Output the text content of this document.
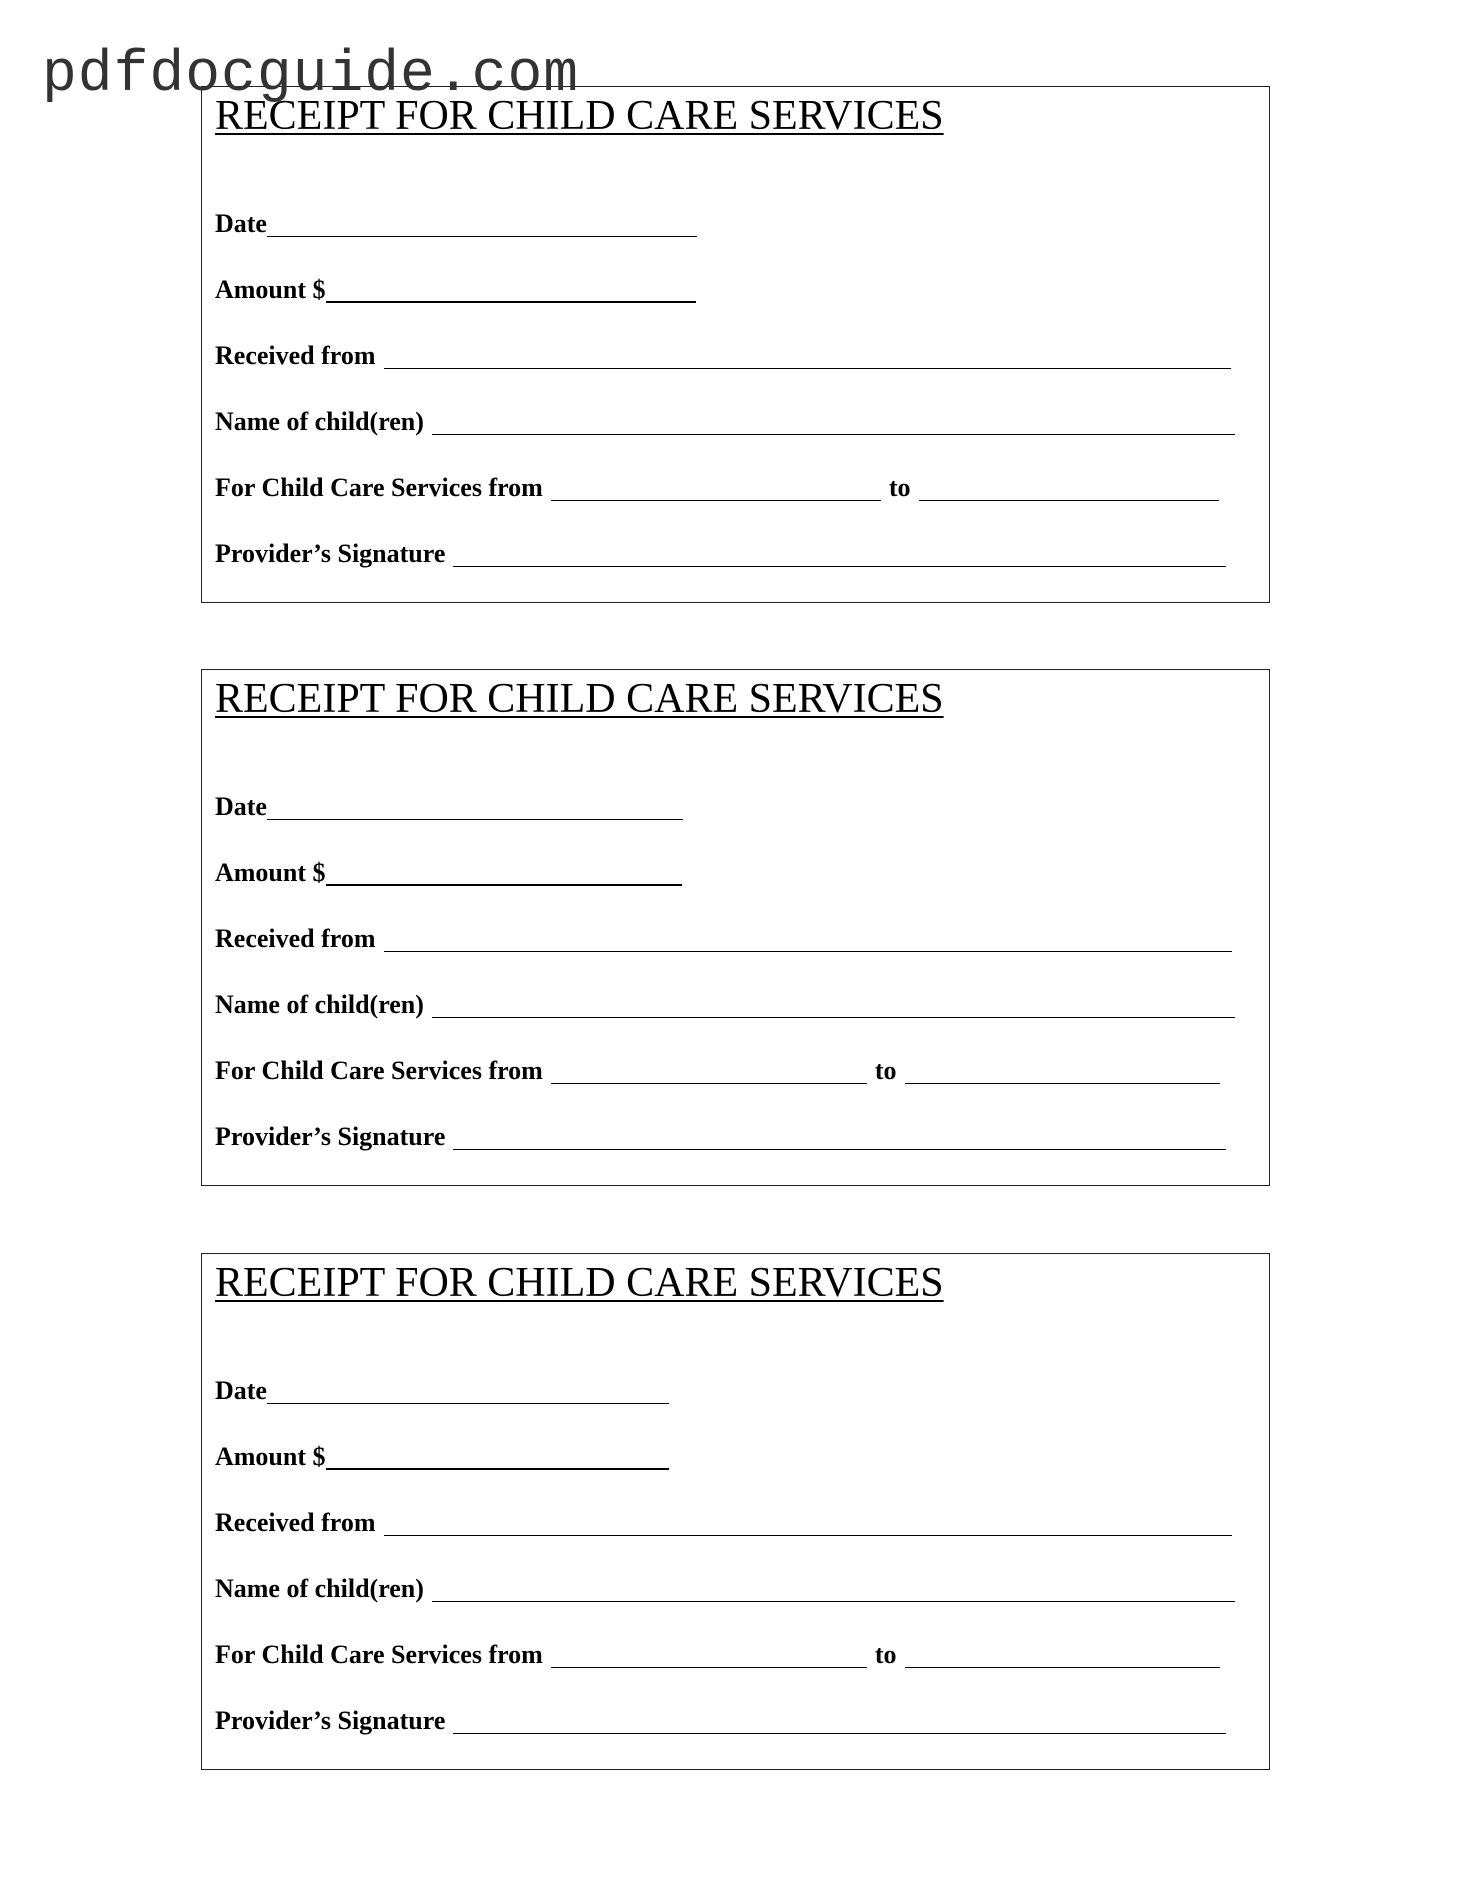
pdfdocguide.com
RECEIPT FOR CHILD CARE SERVICES
Date
Amount $
Received from
Name of child(ren)
For Child Care Services from	to
Provider’s Signature
RECEIPT FOR CHILD CARE SERVICES
Date
Amount $
Received from
Name of child(ren)
For Child Care Services from	to
Provider’s Signature
RECEIPT FOR CHILD CARE SERVICES
Date
Amount $
Received from
Name of child(ren)
For Child Care Services from	to
Provider’s Signature
